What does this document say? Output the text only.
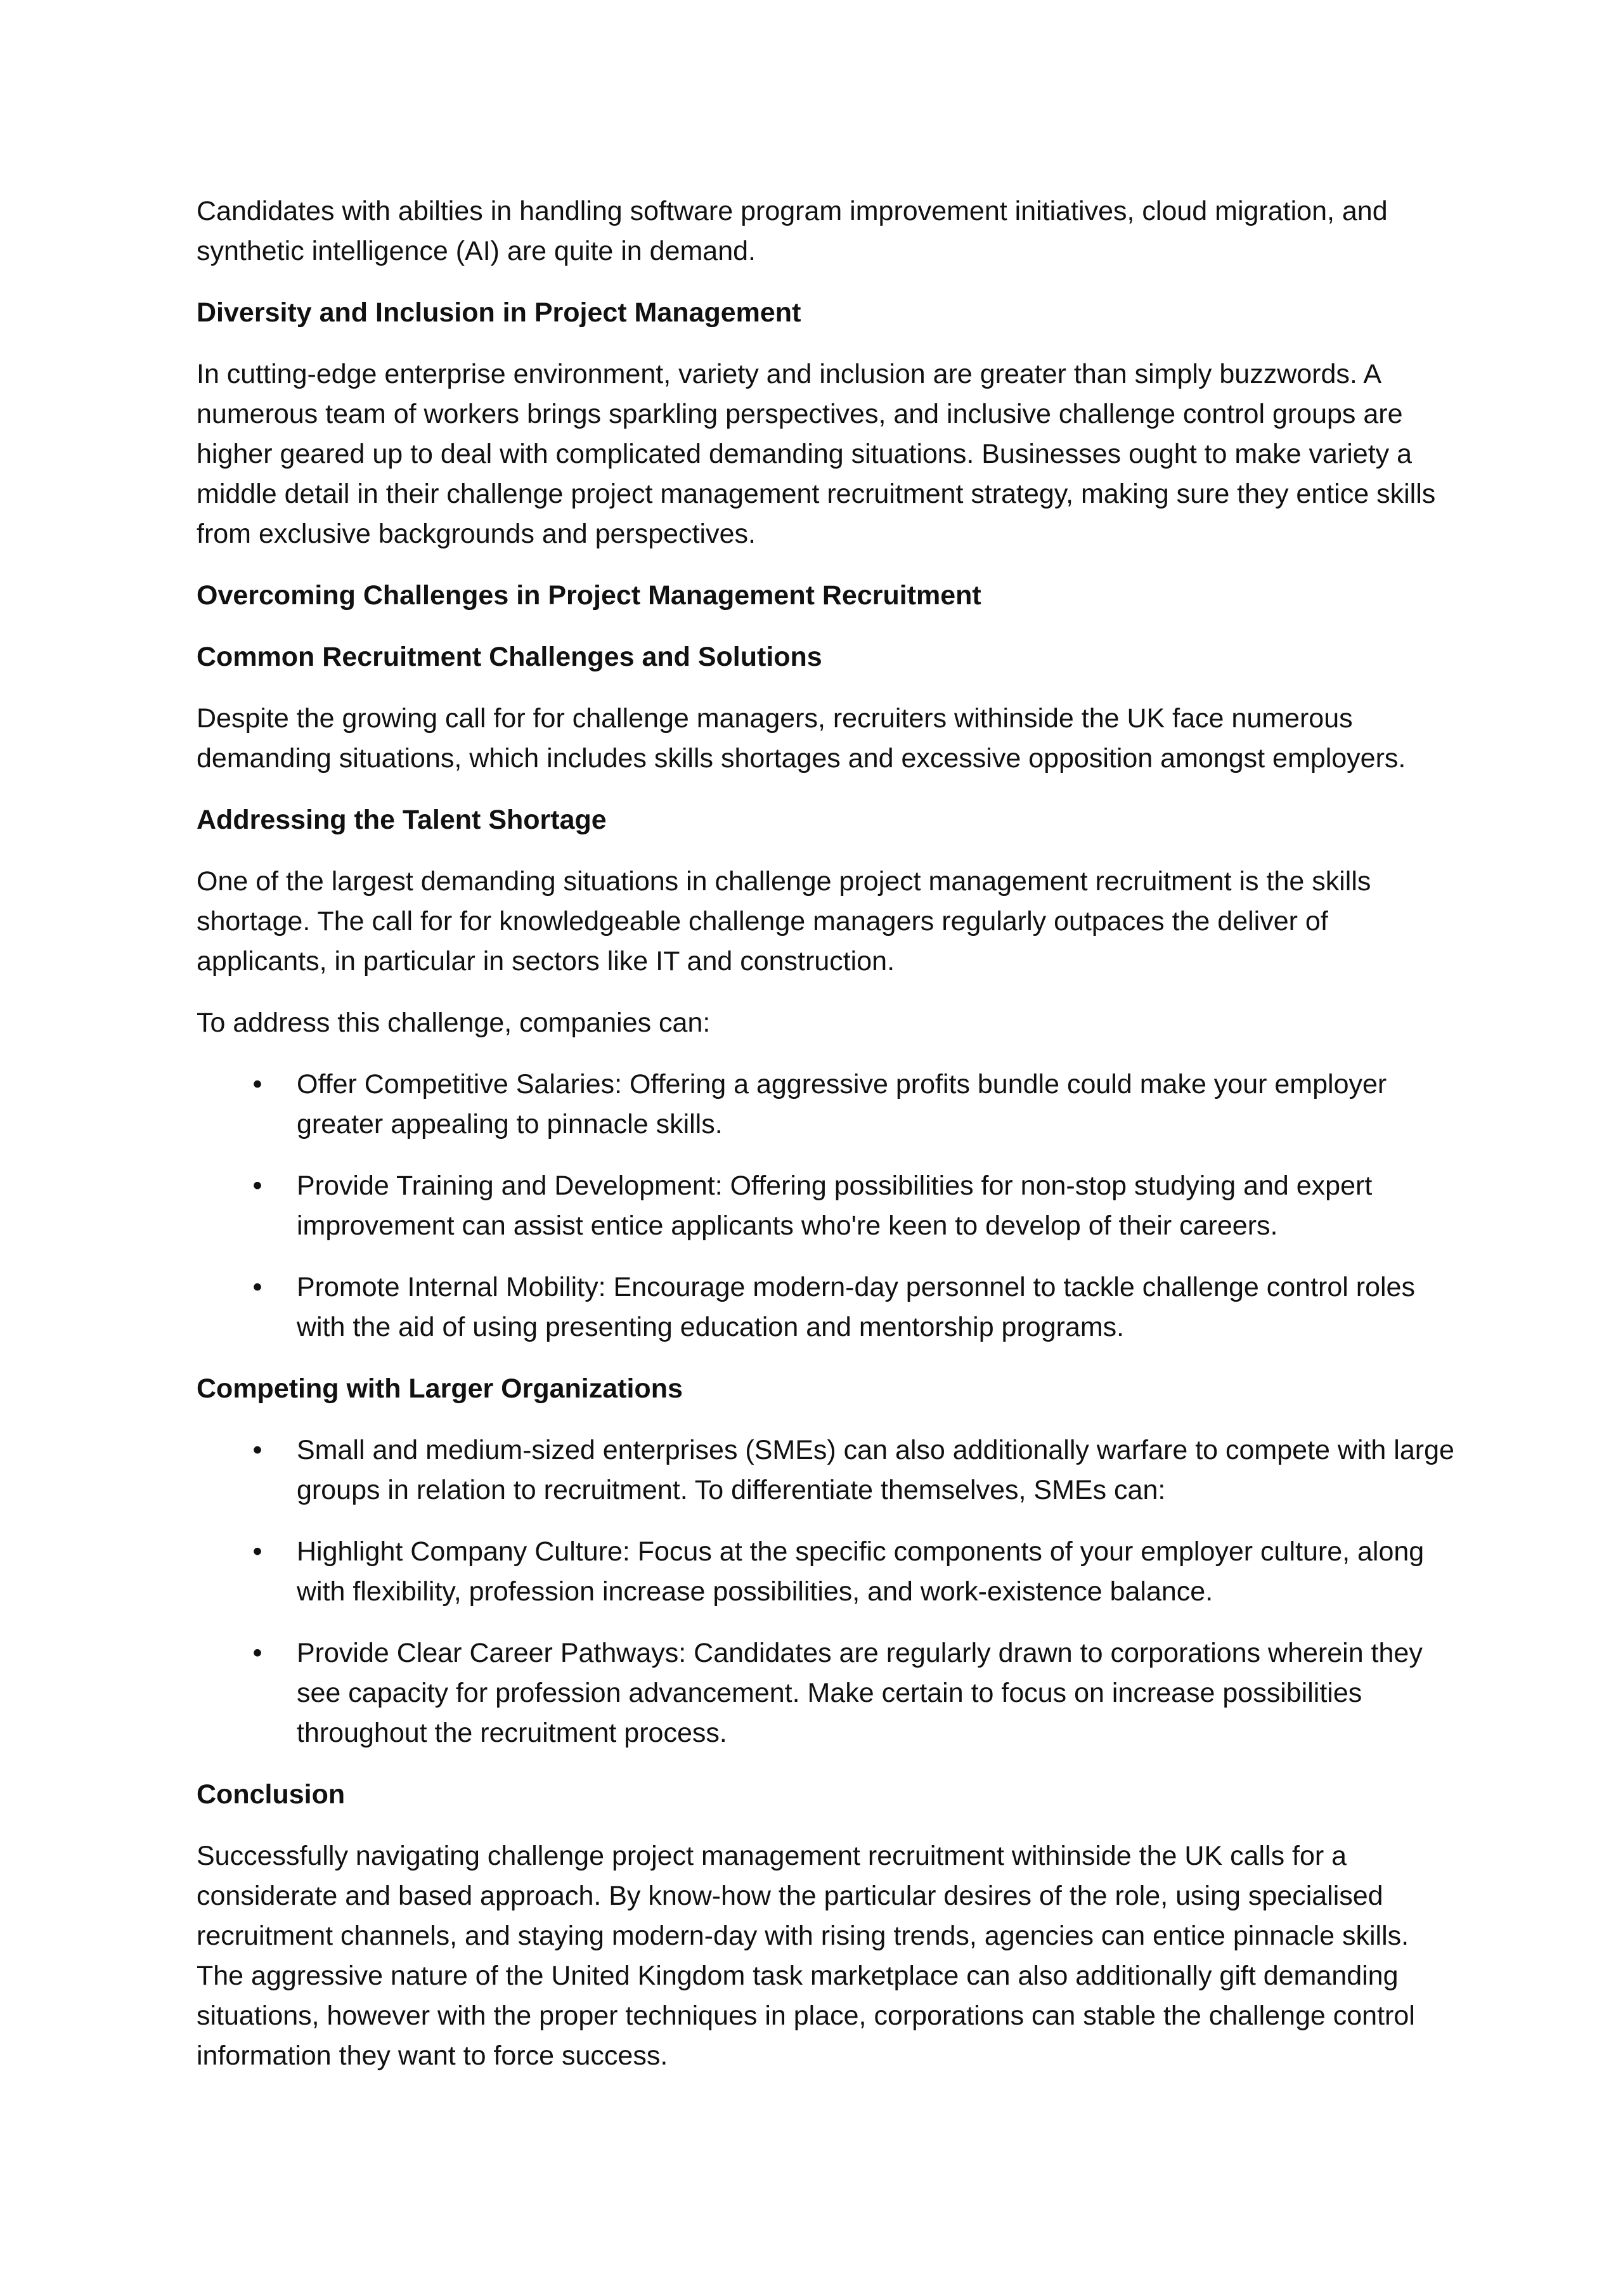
Candidates with abilties in handling software program improvement initiatives, cloud migration, and synthetic intelligence (AI) are quite in demand.

Diversity and Inclusion in Project Management

In cutting-edge enterprise environment, variety and inclusion are greater than simply buzzwords. A numerous team of workers brings sparkling perspectives, and inclusive challenge control groups are higher geared up to deal with complicated demanding situations. Businesses ought to make variety a middle detail in their challenge project management recruitment strategy, making sure they entice skills from exclusive backgrounds and perspectives.

Overcoming Challenges in Project Management Recruitment

Common Recruitment Challenges and Solutions

Despite the growing call for for challenge managers, recruiters withinside the UK face numerous demanding situations, which includes skills shortages and excessive opposition amongst employers.

Addressing the Talent Shortage

One of the largest demanding situations in challenge project management recruitment is the skills shortage. The call for for knowledgeable challenge managers regularly outpaces the deliver of applicants, in particular in sectors like IT and construction.

To address this challenge, companies can:

• Offer Competitive Salaries: Offering a aggressive profits bundle could make your employer greater appealing to pinnacle skills.
• Provide Training and Development: Offering possibilities for non-stop studying and expert improvement can assist entice applicants who're keen to develop of their careers.
• Promote Internal Mobility: Encourage modern-day personnel to tackle challenge control roles with the aid of using presenting education and mentorship programs.

Competing with Larger Organizations

• Small and medium-sized enterprises (SMEs) can also additionally warfare to compete with large groups in relation to recruitment. To differentiate themselves, SMEs can:
• Highlight Company Culture: Focus at the specific components of your employer culture, along with flexibility, profession increase possibilities, and work-existence balance.
• Provide Clear Career Pathways: Candidates are regularly drawn to corporations wherein they see capacity for profession advancement. Make certain to focus on increase possibilities throughout the recruitment process.

Conclusion

Successfully navigating challenge project management recruitment withinside the UK calls for a considerate and based approach. By know-how the particular desires of the role, using specialised recruitment channels, and staying modern-day with rising trends, agencies can entice pinnacle skills. The aggressive nature of the United Kingdom task marketplace can also additionally gift demanding situations, however with the proper techniques in place, corporations can stable the challenge control information they want to force success.
